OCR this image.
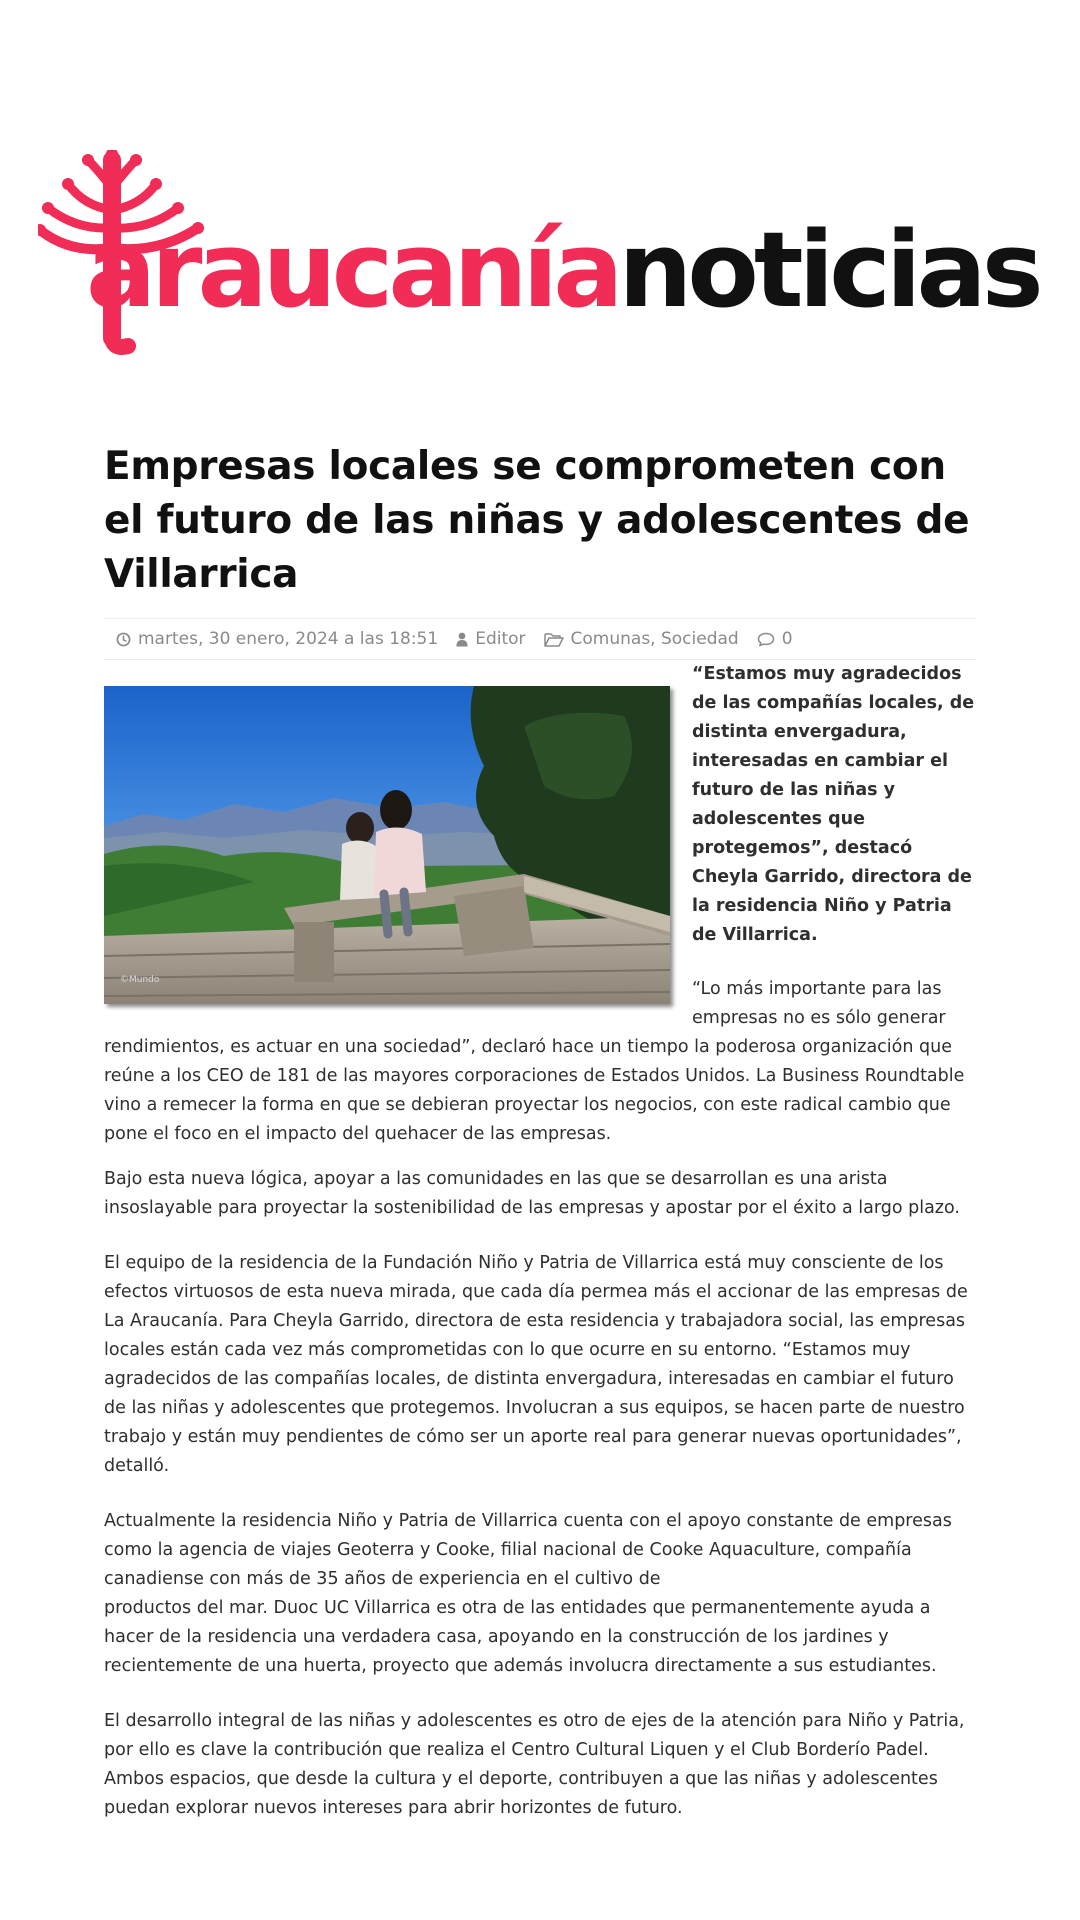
araucaníanoticias
Empresas locales se comprometen con el futuro de las niñas y adolescentes de Villarrica
martes, 30 enero, 2024 a las 18:51 Editor	Comunas, Sociedad	0
©Mundo

“Estamos muy agradecidos de las compañías locales, de distinta envergadura, interesadas en cambiar el futuro de las niñas y adolescentes que protegemos”, destacó Cheyla Garrido, directora de la residencia Niño y Patria de Villarrica.

“Lo más importante para las empresas no es sólo generar rendimientos, es actuar en una sociedad”, declaró hace un tiempo la poderosa organización que reúne a los CEO de 181 de las mayores corporaciones de Estados Unidos. La Business Roundtable vino a remecer la forma en que se debieran proyectar los negocios, con este radical cambio que pone el foco en el impacto del quehacer de las empresas.

Bajo esta nueva lógica, apoyar a las comunidades en las que se desarrollan es una arista insoslayable para proyectar la sostenibilidad de las empresas y apostar por el éxito a largo plazo.

El equipo de la residencia de la Fundación Niño y Patria de Villarrica está muy consciente de los efectos virtuosos de esta nueva mirada, que cada día permea más el accionar de las empresas de La Araucanía. Para Cheyla Garrido, directora de esta residencia y trabajadora social, las empresas locales están cada vez más comprometidas con lo que ocurre en su entorno. “Estamos muy agradecidos de las compañías locales, de distinta envergadura, interesadas en cambiar el futuro de las niñas y adolescentes que protegemos. Involucran a sus equipos, se hacen parte de nuestro trabajo y están muy pendientes de cómo ser un aporte real para generar nuevas oportunidades”, detalló.

Actualmente la residencia Niño y Patria de Villarrica cuenta con el apoyo constante de empresas como la agencia de viajes Geoterra y Cooke, filial nacional de Cooke Aquaculture, compañía canadiense con más de 35 años de experiencia en el cultivo de
productos del mar. Duoc UC Villarrica es otra de las entidades que permanentemente ayuda a hacer de la residencia una verdadera casa, apoyando en la construcción de los jardines y recientemente de una huerta, proyecto que además involucra directamente a sus estudiantes.

El desarrollo integral de las niñas y adolescentes es otro de ejes de la atención para Niño y Patria, por ello es clave la contribución que realiza el Centro Cultural Liquen y el Club Borderío Padel. Ambos espacios, que desde la cultura y el deporte, contribuyen a que las niñas y adolescentes puedan explorar nuevos intereses para abrir horizontes de futuro.
